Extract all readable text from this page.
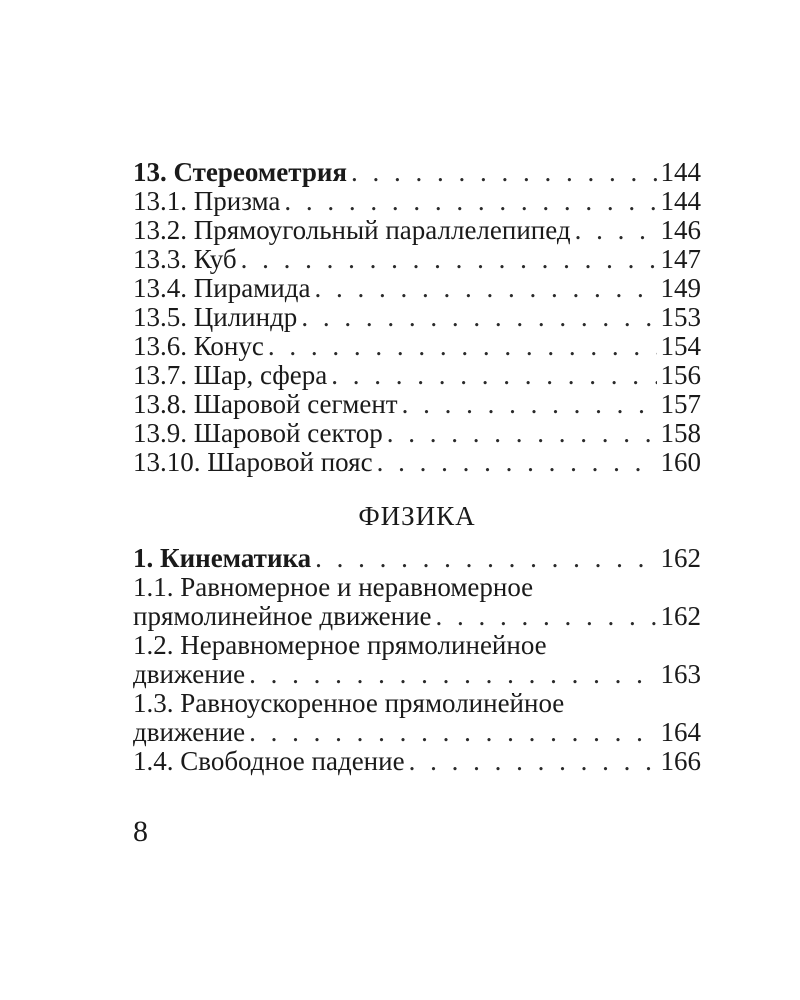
13. Стереометрия . . .	144
13.1. Призма . . .	144
13.2. Прямоугольный параллелепипед . . .	146
13.3. Куб . . .	147
13.4. Пирамида . . .	149
13.5. Цилиндр . . .	153
13.6. Конус . . .	154
13.7. Шар, сфера . . .	156
13.8. Шаровой сегмент . . .	157
13.9. Шаровой сектор . . .	158
13.10. Шаровой пояс . . .	160
ФИЗИКА
1. Кинематика . . .	162
1.1. Равномерное и неравномерное
прямолинейное движение . . .	162
1.2. Неравномерное прямолинейное
движение . . .	163
1.3. Равноускоренное прямолинейное
движение . . .	164
1.4. Свободное падение . . .	166
8
